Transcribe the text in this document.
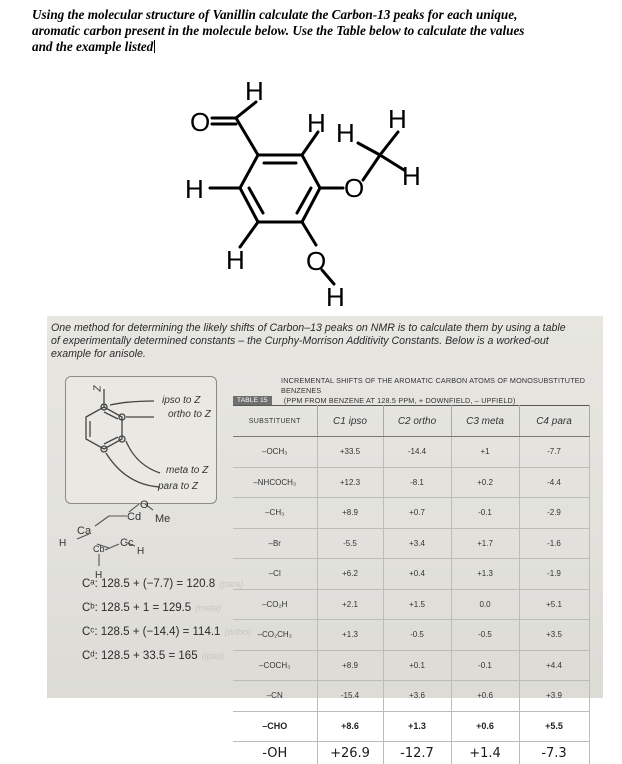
Using the molecular structure of Vanillin calculate the Carbon-13 peaks for each unique,
aromatic carbon present in the molecule below. Use the Table below to calculate the values
and the example listed
H
O
H
H H H
H
O
H O
H
One method for determining the likely shifts of Carbon–13 peaks on NMR is to calculate them by using a table
of experimentally determined constants – the Curphy-Morrison Additivity Constants. Below is a worked-out
example for anisole.
Z
ipso to Z
ortho to Z
meta to Z
para to Z
H
Ca
Cb Cc
Cd
O
Me
H
H
INCREMENTAL SHIFTS OF THE AROMATIC CARBON ATOMS OF MONOSUBSTITUTED BENZENES
TABLE 15 (PPM FROM BENZENE AT 128.5 PPM, + DOWNFIELD, – UPFIELD)
SUBSTITUENT	C1 ipso	C2 ortho	C3 meta	C4 para
–OCH₃	+33.5	-14.4	+1	-7.7
–NHCOCH₃	+12.3	-8.1	+0.2	-4.4
–CH₃	+8.9	+0.7	-0.1	-2.9
–Br	-5.5	+3.4	+1.7	-1.6
–Cl	+6.2	+0.4	+1.3	-1.9
–CO₂H	+2.1	+1.5	0.0	+5.1
–CO₂CH₃	+1.3	-0.5	-0.5	+3.5
–COCH₃	+8.9	+0.1	-0.1	+4.4
–CN	-15.4	+3.6	+0.6	+3.9
–CHO	+8.6	+1.3	+0.6	+5.5
-OH	+26.9	-12.7	+1.4	-7.3
Cᵃ: 128.5 + (−7.7) = 120.8 (para)
Cᵇ: 128.5 + 1 = 129.5 (meta)
Cᶜ: 128.5 + (−14.4) = 114.1 (ortho)
Cᵈ: 128.5 + 33.5 = 165 (ipso)
